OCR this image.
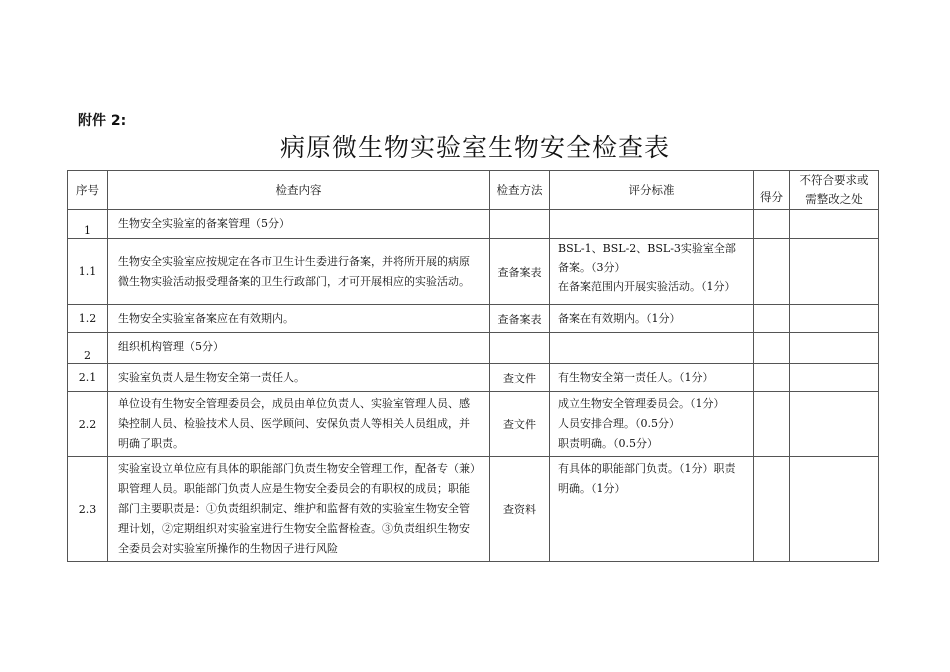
附件 2:
病原微生物实验室生物安全检查表
序号	检查内容	检查方法	评分标准	得分	不符合要求或需整改之处
1	生物安全实验室的备案管理（5分）				
1.1	生物安全实验室应按规定在各市卫生计生委进行备案，并将所开展的病原微生物实验活动报受理备案的卫生行政部门，才可开展相应的实验活动。	查备案表	BSL-1、BSL-2、BSL-3实验室全部备案。（3分）
在备案范围内开展实验活动。（1分）		

1.2	生物安全实验室备案应在有效期内。	查备案表	备案在有效期内。（1分）		

2	组织机构管理（5分）				
2.1	实验室负责人是生物安全第一责任人。	查文件	有生物安全第一责任人。（1分）		

2.2	单位设有生物安全管理委员会，成员由单位负责人、实验室管理人员、感染控制人员、检验技术人员、医学顾问、安保负责人等相关人员组成，并明确了职责。	查文件	成立生物安全管理委员会。（1分）
人员安排合理。（0.5分）
职责明确。（0.5分）		

2.3	实验室设立单位应有具体的职能部门负责生物安全管理工作，配备专（兼）职管理人员。职能部门负责人应是生物安全委员会的有职权的成员；职能部门主要职责是：①负责组织制定、维护和监督有效的实验室生物安全管理计划，②定期组织对实验室进行生物安全监督检查。③负责组织生物安全委员会对实验室所操作的生物因子进行风险	查资料	有具体的职能部门负责。（1分）职责明确。（1分）		
